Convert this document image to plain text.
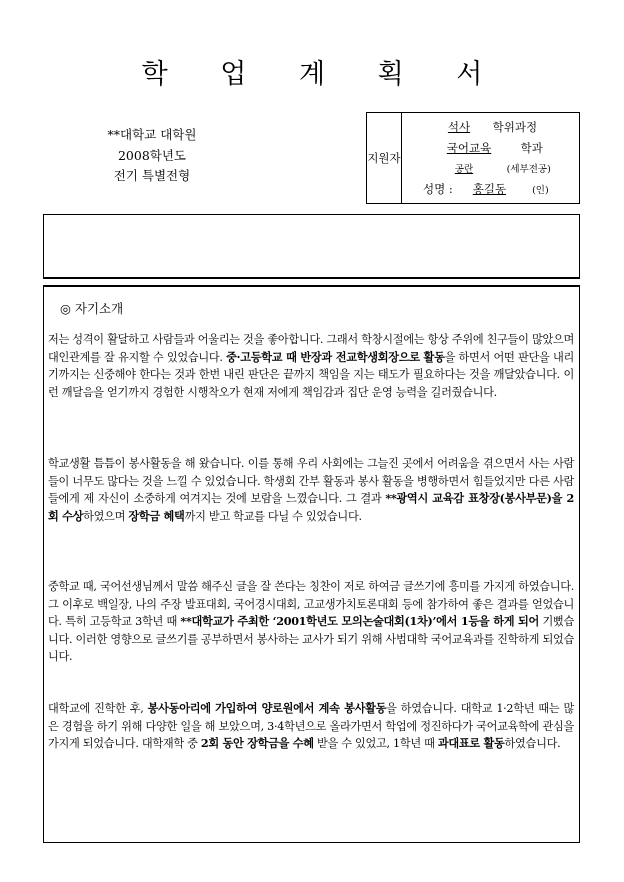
학 업 계 획 서
**대학교 대학원
2008학년도
전기 특별전형
지원자
석사 학위과정
국어교육	학과
공란	(세부전공)
성명 : 홍길동	(인)
◎ 자기소개
저는 성격이 활달하고 사람들과 어울리는 것을 좋아합니다. 그래서 학창시절에는 항상 주위에 친구들이 많았으며 대인관계를 잘 유지할 수 있었습니다. 중·고등학교 때 반장과 전교학생회장으로 활동을 하면서 어떤 판단을 내리기까지는 신중해야 한다는 것과 한번 내린 판단은 끝까지 책임을 지는 태도가 필요하다는 것을 깨달았습니다. 이런 깨달음을 얻기까지 경험한 시행착오가 현재 저에게 책임감과 집단 운영 능력을 길러줬습니다.
학교생활 틈틈이 봉사활동을 해 왔습니다. 이를 통해 우리 사회에는 그늘진 곳에서 어려움을 겪으면서 사는 사람들이 너무도 많다는 것을 느낄 수 있었습니다. 학생회 간부 활동과 봉사 활동을 병행하면서 힘들었지만 다른 사람들에게 제 자신이 소중하게 여겨지는 것에 보람을 느꼈습니다. 그 결과 **광역시 교육감 표창장(봉사부문)을 2회 수상하였으며 장학금 혜택까지 받고 학교를 다닐 수 있었습니다.
중학교 때, 국어선생님께서 말씀 해주신 글을 잘 쓴다는 칭찬이 저로 하여금 글쓰기에 흥미를 가지게 하였습니다. 그 이후로 백일장, 나의 주장 발표대회, 국어경시대회, 고교생가치토론대회 등에 참가하여 좋은 결과를 얻었습니다. 특히 고등학교 3학년 때 **대학교가 주최한 ‘2001학년도 모의논술대회(1차)’에서 1등을 하게 되어 기뻤습니다. 이러한 영향으로 글쓰기를 공부하면서 봉사하는 교사가 되기 위해 사범대학 국어교육과를 진학하게 되었습니다.
대학교에 진학한 후, 봉사동아리에 가입하여 양로원에서 계속 봉사활동을 하였습니다. 대학교 1·2학년 때는 많은 경험을 하기 위해 다양한 일을 해 보았으며, 3·4학년으로 올라가면서 학업에 정진하다가 국어교육학에 관심을 가지게 되었습니다. 대학재학 중 2회 동안 장학금을 수혜 받을 수 있었고, 1학년 때 과대표로 활동하였습니다.
